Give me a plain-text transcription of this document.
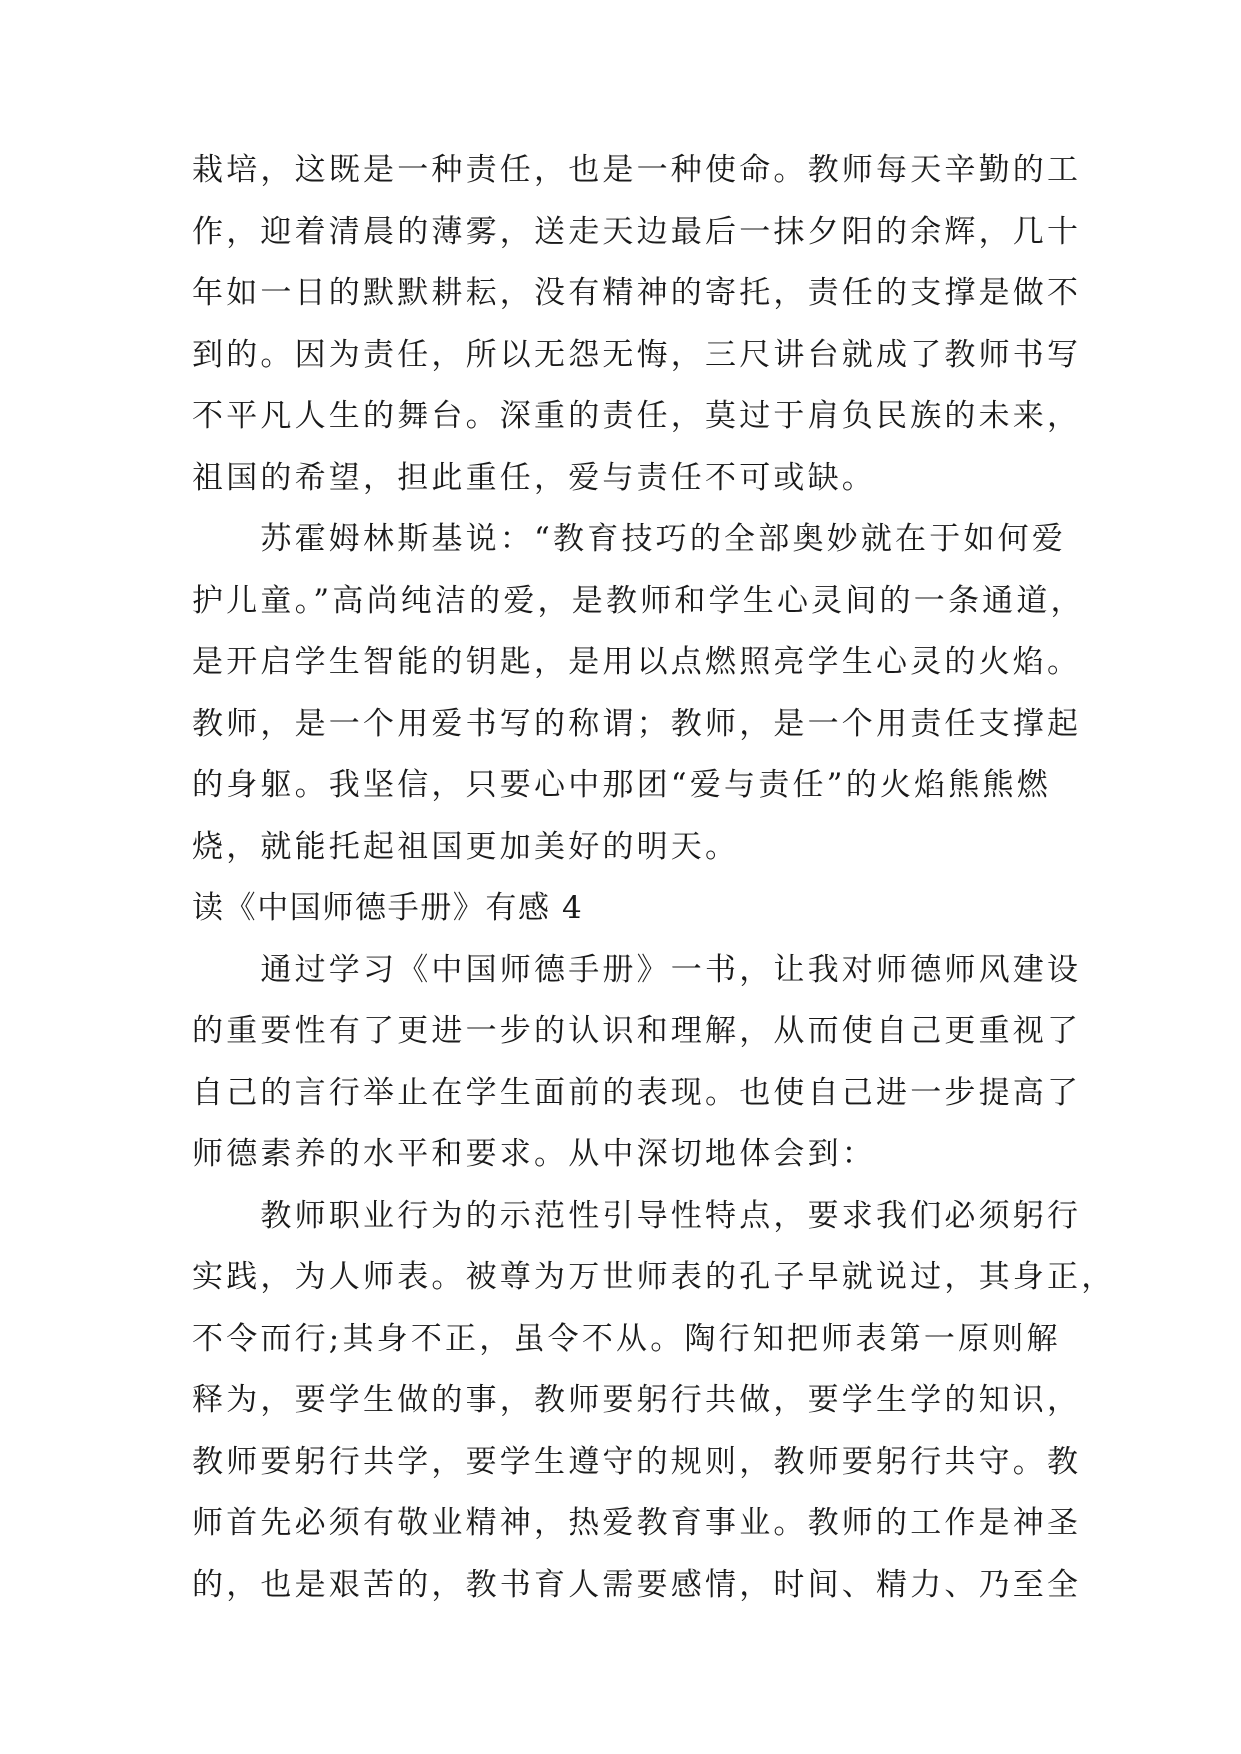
栽培，这既是一种责任，也是一种使命。教师每天辛勤的工
作，迎着清晨的薄雾，送走天边最后一抹夕阳的余辉，几十
年如一日的默默耕耘，没有精神的寄托，责任的支撑是做不
到的。因为责任，所以无怨无悔，三尺讲台就成了教师书写
不平凡人生的舞台。深重的责任，莫过于肩负民族的未来，
祖国的希望，担此重任，爱与责任不可或缺。
　　苏霍姆林斯基说：“教育技巧的全部奥妙就在于如何爱
护儿童。”高尚纯洁的爱，是教师和学生心灵间的一条通道，
是开启学生智能的钥匙，是用以点燃照亮学生心灵的火焰。
教师，是一个用爱书写的称谓；教师，是一个用责任支撑起
的身躯。我坚信，只要心中那团“爱与责任”的火焰熊熊燃
烧，就能托起祖国更加美好的明天。
读《中国师德手册》有感 4
　　通过学习《中国师德手册》一书，让我对师德师风建设
的重要性有了更进一步的认识和理解，从而使自己更重视了
自己的言行举止在学生面前的表现。也使自己进一步提高了
师德素养的水平和要求。从中深切地体会到：
　　教师职业行为的示范性引导性特点，要求我们必须躬行
实践，为人师表。被尊为万世师表的孔子早就说过，其身正，
不令而行;其身不正，虽令不从。陶行知把师表第一原则解
释为，要学生做的事，教师要躬行共做，要学生学的知识，
教师要躬行共学，要学生遵守的规则，教师要躬行共守。教
师首先必须有敬业精神，热爱教育事业。教师的工作是神圣
的，也是艰苦的，教书育人需要感情，时间、精力、乃至全
